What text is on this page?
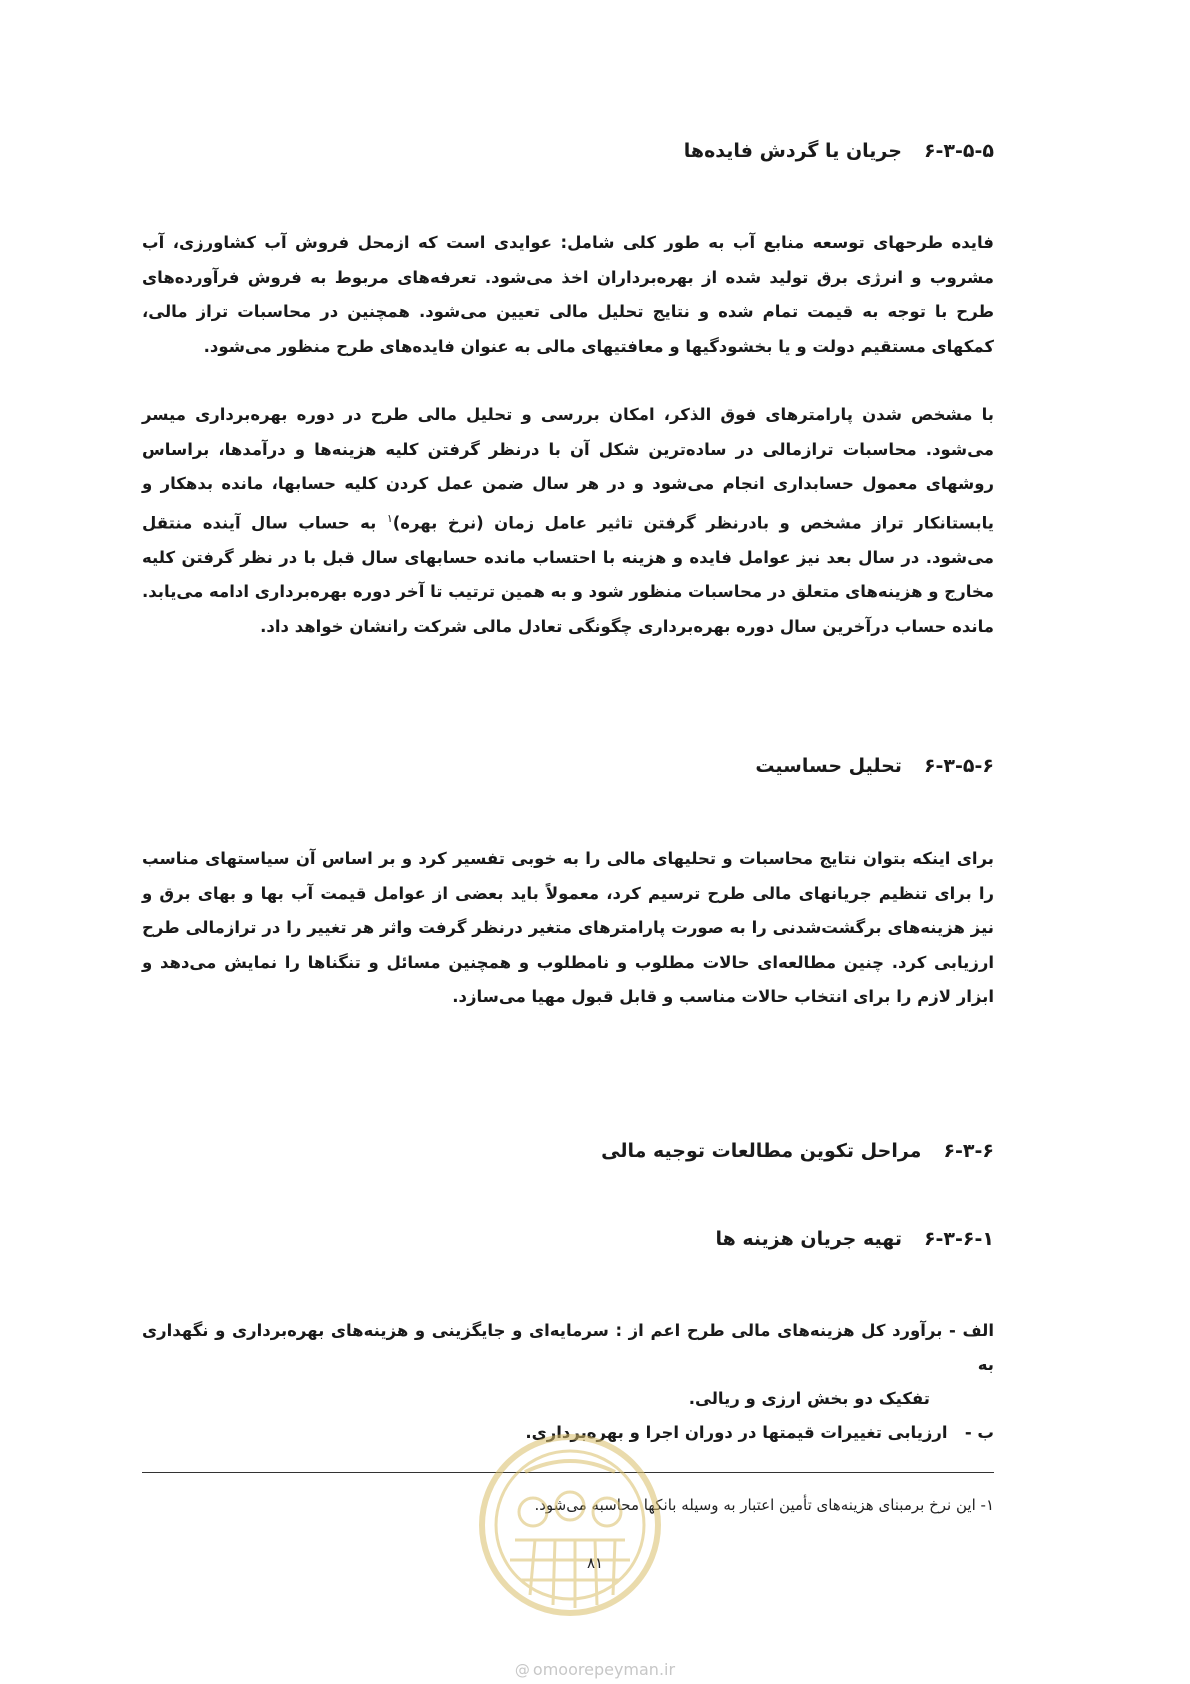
۶-۳-۵-۵جریان یا گردش فایده‌ها
فایده طرحهای توسعه منابع آب به طور کلی شامل: عوایدی است که ازمحل فروش آب کشاورزی، آب مشروب و انرژی برق تولید شده از بهره‌برداران اخذ می‌شود. تعرفه‌های مربوط به فروش فرآورده‌های طرح با توجه به قیمت تمام شده و نتایج تحلیل مالی تعیین می‌شود. همچنین در محاسبات تراز مالی، کمکهای مستقیم دولت و یا بخشودگیها و معافتیهای مالی به عنوان فایده‌های طرح منظور می‌شود.
با مشخص شدن پارامترهای فوق الذکر، امکان بررسی و تحلیل مالی طرح در دوره بهره‌برداری میسر می‌شود. محاسبات ترازمالی در ساده‌ترین شکل آن با درنظر گرفتن کلیه هزینه‌ها و درآمدها، براساس روشهای معمول حسابداری انجام می‌شود و در هر سال ضمن عمل کردن کلیه حسابها، مانده بدهکار و یابستانکار تراز مشخص و بادرنظر گرفتن تاثیر عامل زمان (نرخ بهره)$^۱$ به حساب سال آینده منتقل می‌شود. در سال بعد نیز عوامل فایده و هزینه با احتساب مانده حسابهای سال قبل با در نظر گرفتن کلیه مخارج و هزینه‌های متعلق در محاسبات منظور شود و به همین ترتیب تا آخر دوره بهره‌برداری ادامه می‌یابد. مانده حساب درآخرین سال دوره بهره‌برداری چگونگی تعادل مالی شرکت رانشان خواهد داد.
۶-۳-۵-۶تحلیل حساسیت
برای اینکه بتوان نتایج محاسبات و تحلیهای مالی را به خوبی تفسیر کرد و بر اساس آن سیاستهای مناسب را برای تنظیم جریانهای مالی طرح ترسیم کرد، معمولاً باید بعضی از عوامل قیمت آب بها و بهای برق و نیز هزینه‌های برگشت‌شدنی را به صورت پارامترهای متغیر درنظر گرفت واثر هر تغییر را در ترازمالی طرح ارزیابی کرد. چنین مطالعه‌ای حالات مطلوب و نامطلوب و همچنین مسائل و تنگناها را نمایش می‌دهد و ابزار لازم را برای انتخاب حالات مناسب و قابل قبول مهیا می‌سازد.
۶-۳-۶مراحل تکوین مطالعات توجیه مالی
۶-۳-۶-۱تهیه جریان هزینه ها
الف - برآورد کل هزینه‌های مالی طرح اعم از : سرمایه‌ای و جایگزینی و هزینه‌های بهره‌برداری و نگهداری به
تفکیک دو بخش ارزی و ریالی.
ب -   ارزیابی تغییرات قیمتها در دوران اجرا و بهره‌برداری.
۱- این نرخ برمبنای هزینه‌های تأمین اعتبار به وسیله بانکها محاسبه می‌شود.
۸۱
@ omoorepeyman.ir
